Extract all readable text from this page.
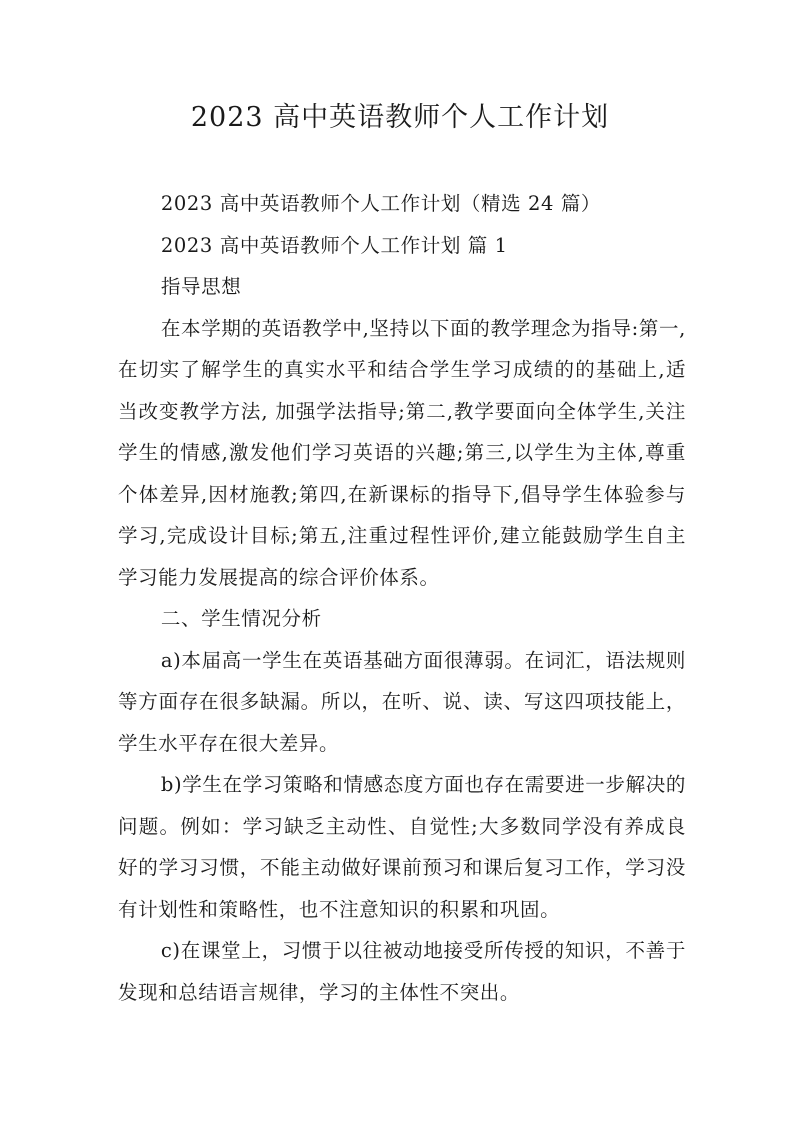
2023 高中英语教师个人工作计划

2023 高中英语教师个人工作计划（精选 24 篇）

2023 高中英语教师个人工作计划 篇 1

指导思想

在本学期的英语教学中,坚持以下面的教学理念为指导:第一,在切实了解学生的真实水平和结合学生学习成绩的的基础上,适当改变教学方法, 加强学法指导;第二,教学要面向全体学生,关注学生的情感,激发他们学习英语的兴趣;第三,以学生为主体,尊重个体差异,因材施教;第四,在新课标的指导下,倡导学生体验参与学习,完成设计目标;第五,注重过程性评价,建立能鼓励学生自主学习能力发展提高的综合评价体系。

二、学生情况分析

a)本届高一学生在英语基础方面很薄弱。在词汇，语法规则等方面存在很多缺漏。所以，在听、说、读、写这四项技能上，学生水平存在很大差异。

b)学生在学习策略和情感态度方面也存在需要进一步解决的问题。例如：学习缺乏主动性、自觉性;大多数同学没有养成良好的学习习惯，不能主动做好课前预习和课后复习工作，学习没有计划性和策略性，也不注意知识的积累和巩固。

c)在课堂上，习惯于以往被动地接受所传授的知识，不善于发现和总结语言规律，学习的主体性不突出。
